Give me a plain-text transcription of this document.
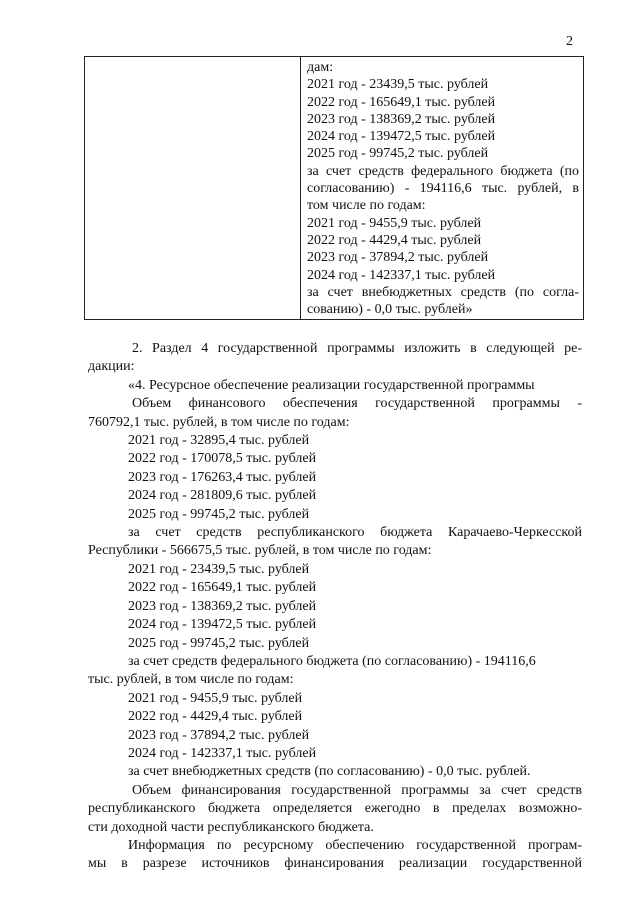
2
дам:
2021 год - 23439,5 тыс. рублей
2022 год - 165649,1 тыс. рублей
2023 год - 138369,2 тыс. рублей
2024 год - 139472,5 тыс. рублей
2025 год - 99745,2 тыс. рублей
за счет средств федерального бюджета (по
согласованию) - 194116,6 тыс. рублей, в
том числе по годам:
2021 год - 9455,9 тыс. рублей
2022 год - 4429,4 тыс. рублей
2023 год - 37894,2 тыс. рублей
2024 год - 142337,1 тыс. рублей
за счет внебюджетных средств (по согла-
сованию) - 0,0 тыс. рублей»
2. Раздел 4 государственной программы изложить в следующей ре-
дакции:
«4. Ресурсное обеспечение реализации государственной программы
Объем финансового обеспечения государственной программы -
760792,1 тыс. рублей, в том числе по годам:
2021 год - 32895,4 тыс. рублей
2022 год - 170078,5 тыс. рублей
2023 год - 176263,4 тыс. рублей
2024 год - 281809,6 тыс. рублей
2025 год - 99745,2 тыс. рублей
за счет средств республиканского бюджета Карачаево-Черкесской
Республики - 566675,5 тыс. рублей, в том числе по годам:
2021 год - 23439,5 тыс. рублей
2022 год - 165649,1 тыс. рублей
2023 год - 138369,2 тыс. рублей
2024 год - 139472,5 тыс. рублей
2025 год - 99745,2 тыс. рублей
за счет средств федерального бюджета (по согласованию) - 194116,6
тыс. рублей, в том числе по годам:
2021 год - 9455,9 тыс. рублей
2022 год - 4429,4 тыс. рублей
2023 год - 37894,2 тыс. рублей
2024 год - 142337,1 тыс. рублей
за счет внебюджетных средств (по согласованию) - 0,0 тыс. рублей.
Объем финансирования государственной программы за счет средств
республиканского бюджета определяется ежегодно в пределах возможно-
сти доходной части республиканского бюджета.
Информация по ресурсному обеспечению государственной програм-
мы в разрезе источников финансирования реализации государственной
